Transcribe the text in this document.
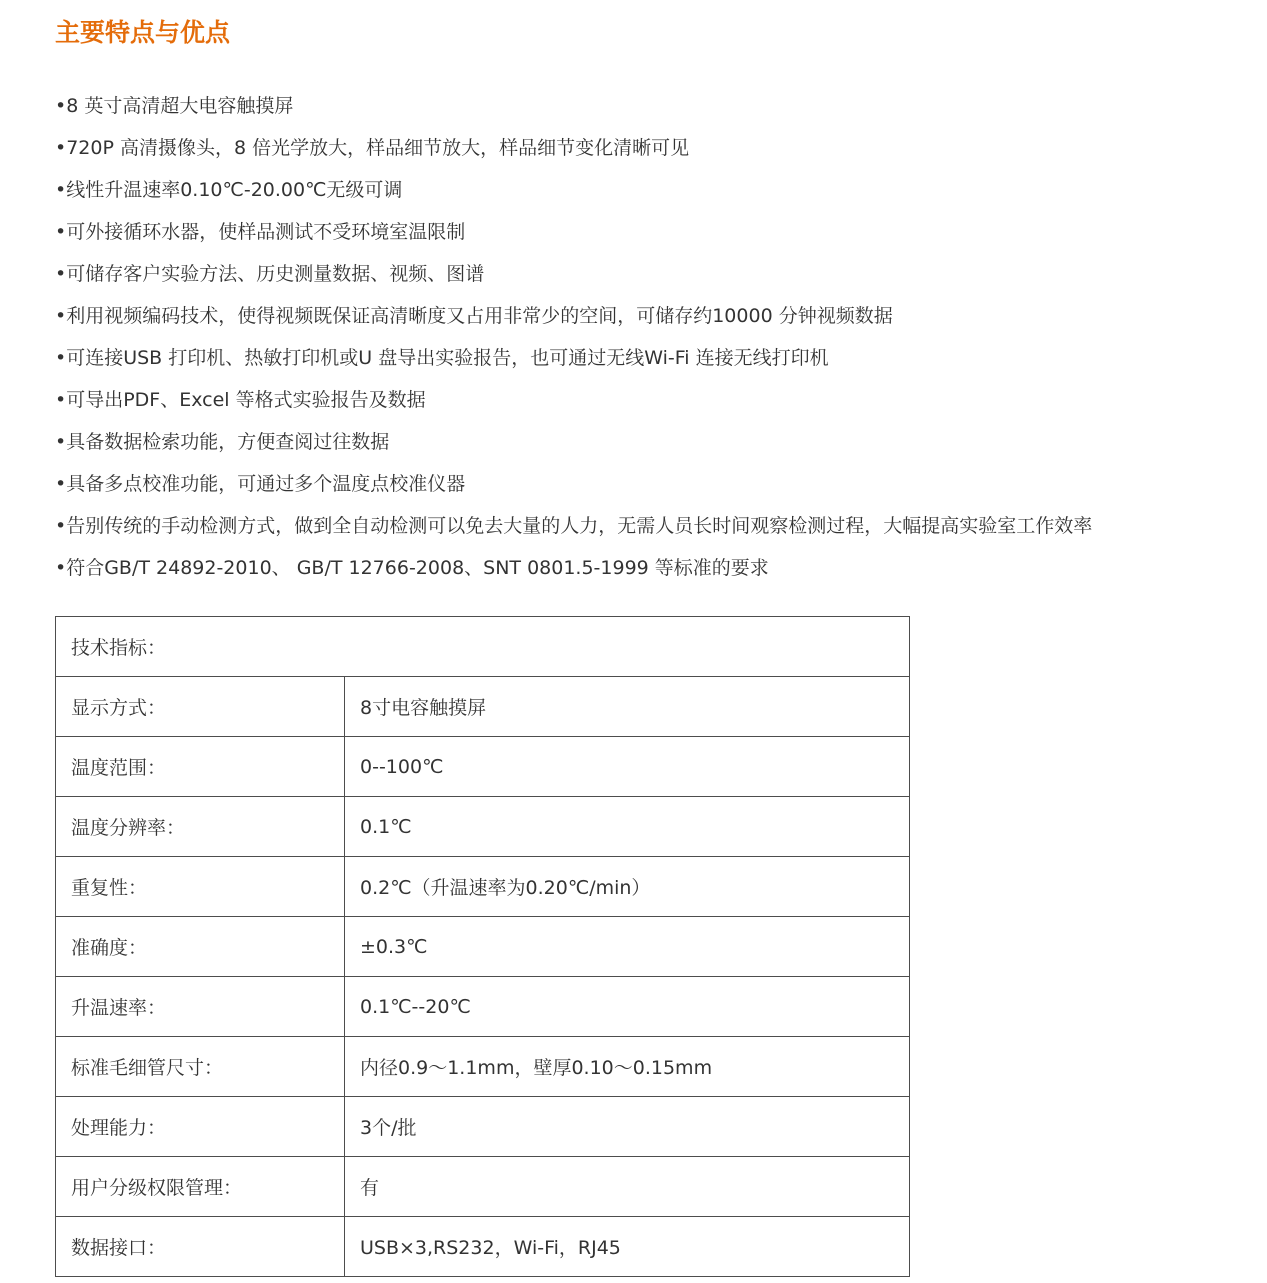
主要特点与优点
•8 英寸高清超大电容触摸屏
•720P 高清摄像头，8 倍光学放大，样品细节放大，样品细节变化清晰可见
•线性升温速率0.10℃-20.00℃无级可调
•可外接循环水器，使样品测试不受环境室温限制
•可储存客户实验方法、历史测量数据、视频、图谱
•利用视频编码技术，使得视频既保证高清晰度又占用非常少的空间，可储存约10000 分钟视频数据
•可连接USB 打印机、热敏打印机或U 盘导出实验报告，也可通过无线Wi-Fi 连接无线打印机
•可导出PDF、Excel 等格式实验报告及数据
•具备数据检索功能，方便查阅过往数据
•具备多点校准功能，可通过多个温度点校准仪器
•告别传统的手动检测方式，做到全自动检测可以免去大量的人力，无需人员长时间观察检测过程，大幅提高实验室工作效率
•符合GB/T 24892-2010、 GB/T 12766-2008、SNT 0801.5-1999 等标准的要求
技术指标：	
显示方式：	8寸电容触摸屏
温度范围：	0--100℃
温度分辨率：	0.1℃
重复性：	0.2℃（升温速率为0.20℃/min）
准确度：	±0.3℃
升温速率：	0.1℃--20℃
标准毛细管尺寸：	内径0.9～1.1mm，壁厚0.10～0.15mm
处理能力：	3个/批
用户分级权限管理：	有
数据接口：	USB×3,RS232，Wi-Fi，RJ45
